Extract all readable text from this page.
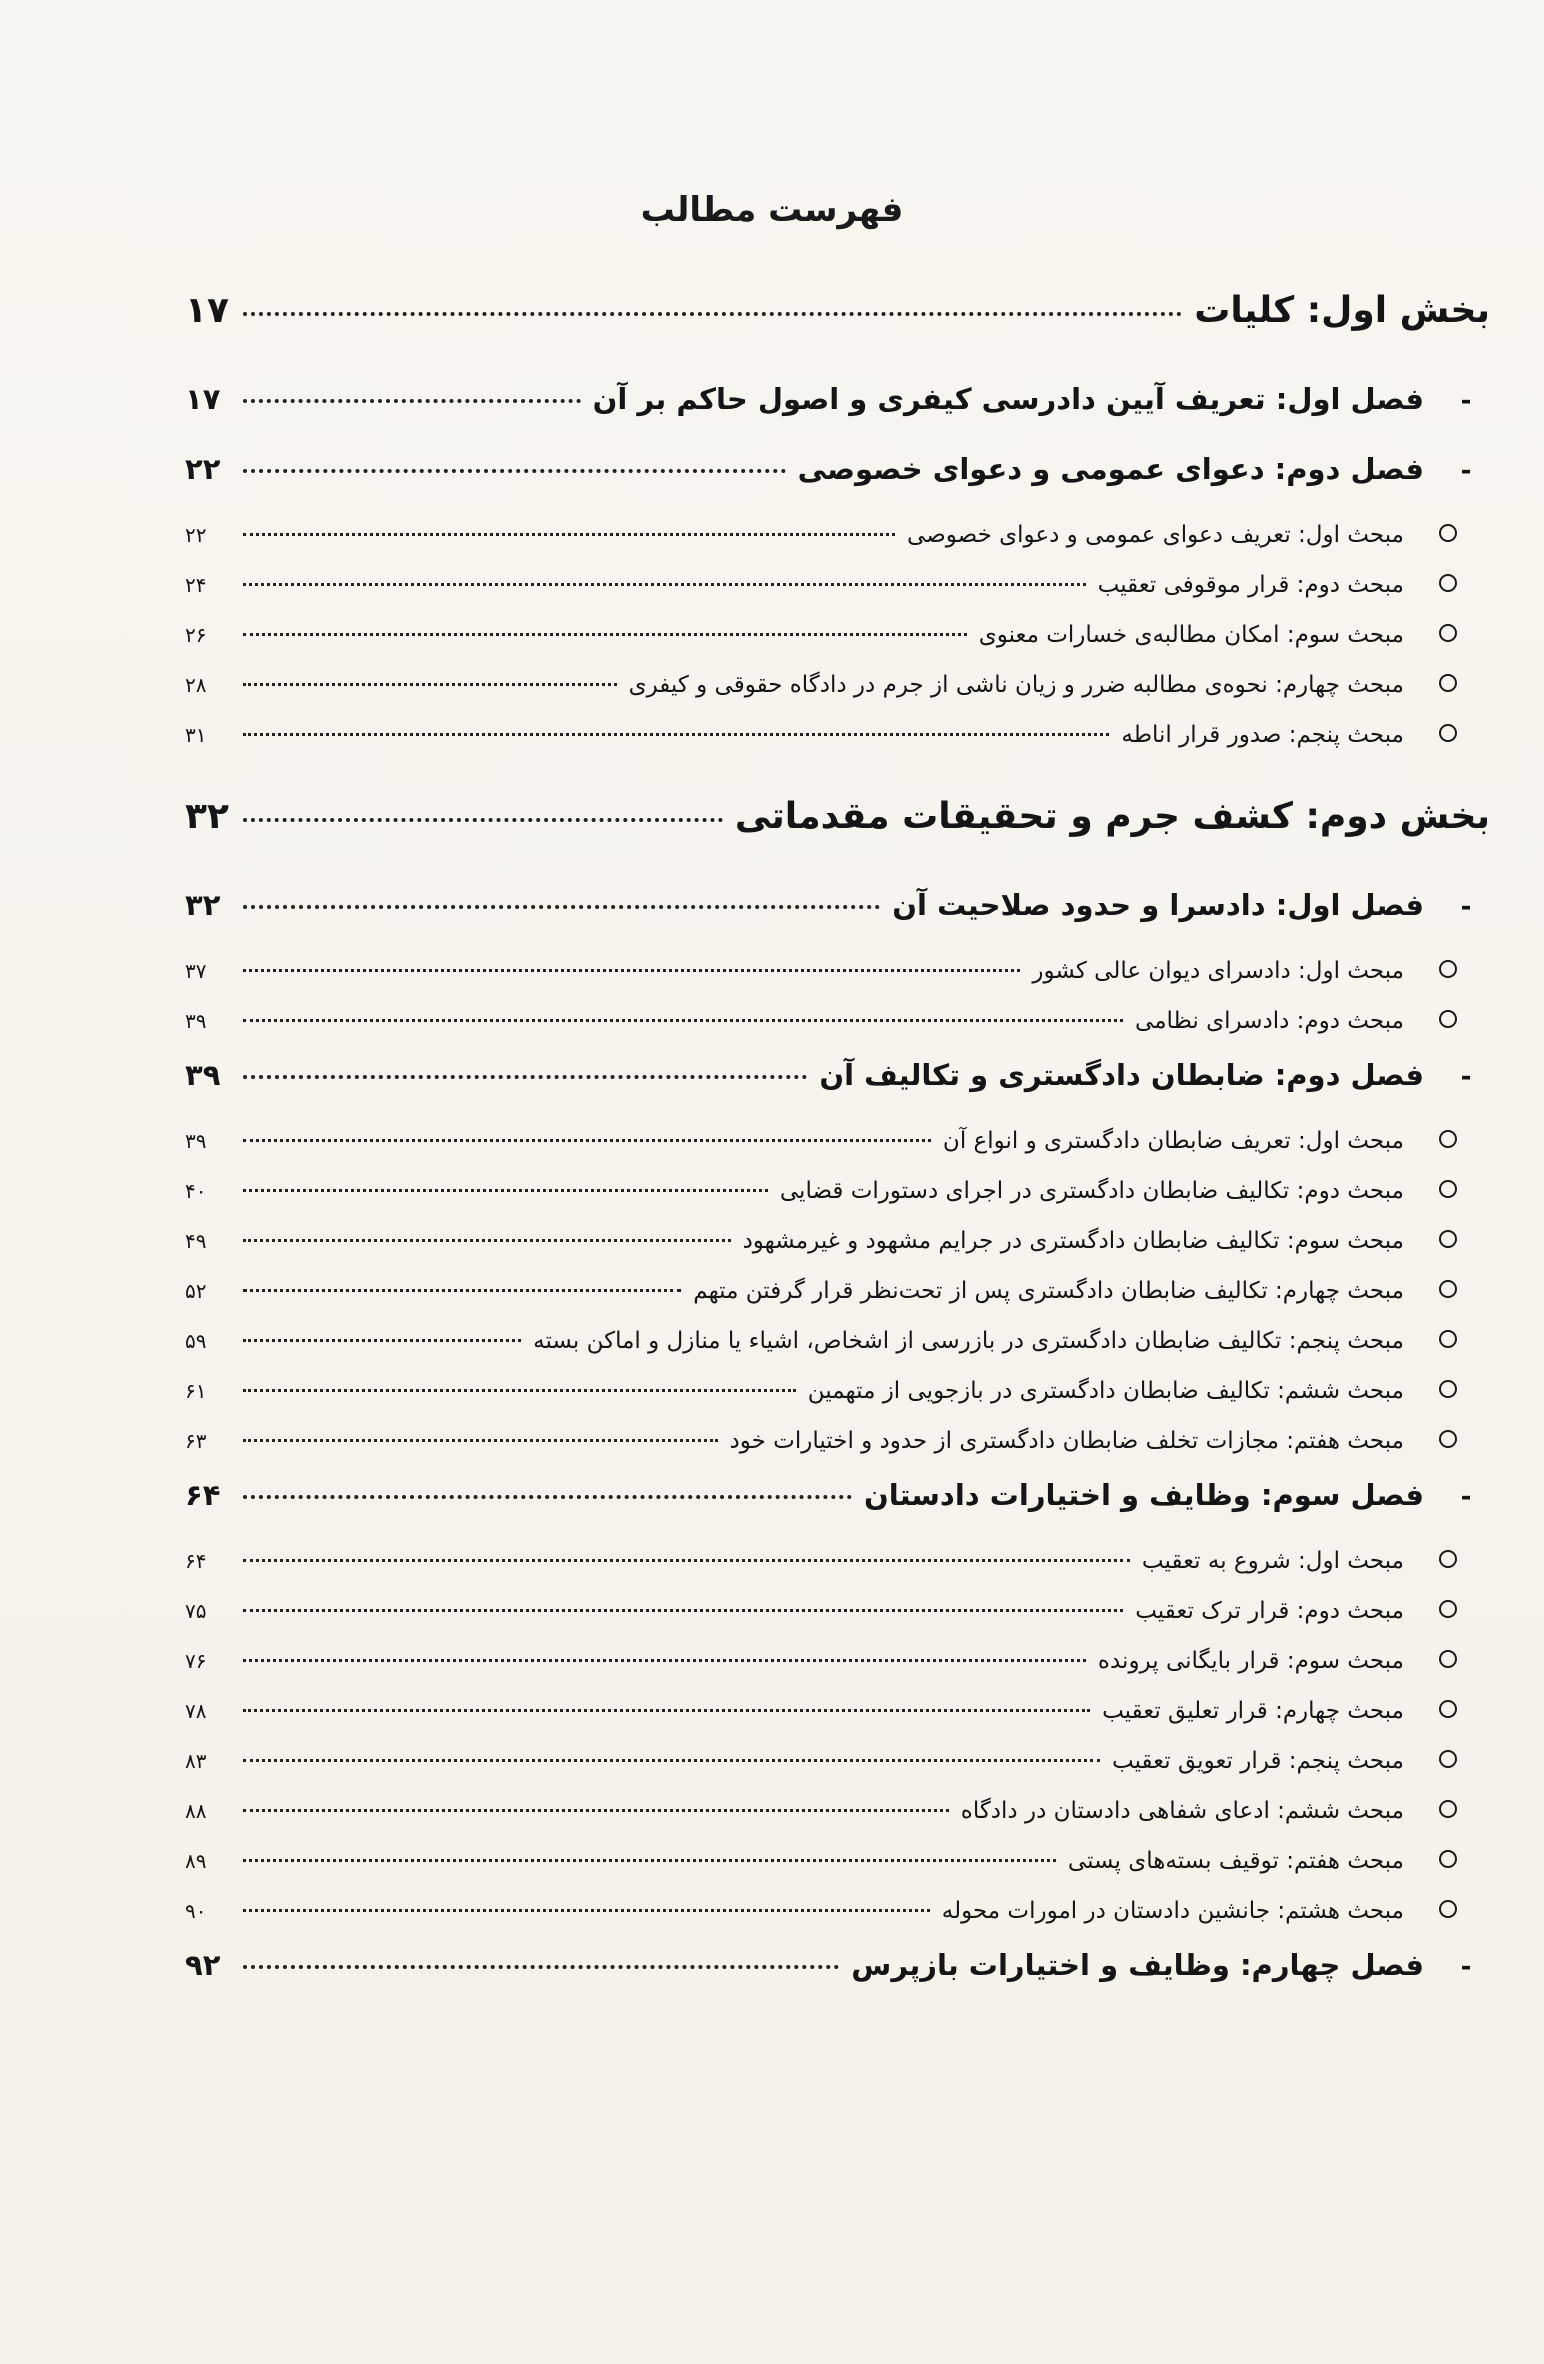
فهرست مطالب
بخش اول: کلیات
۱۷
-
فصل اول: تعریف آیین دادرسی کیفری و اصول حاکم بر آن
۱۷
-
فصل دوم: دعوای عمومی و دعوای خصوصی
۲۲
مبحث اول: تعریف دعوای عمومی و دعوای خصوصی
۲۲
مبحث دوم: قرار موقوفی تعقیب
۲۴
مبحث سوم: امکان مطالبه‌ی خسارات معنوی
۲۶
مبحث چهارم: نحوه‌ی مطالبه ضرر و زیان ناشی از جرم در دادگاه حقوقی و کیفری
۲۸
مبحث پنجم: صدور قرار اناطه
۳۱
بخش دوم: کشف جرم و تحقیقات مقدماتی
۳۲
-
فصل اول: دادسرا و حدود صلاحیت آن
۳۲
مبحث اول: دادسرای دیوان عالی کشور
۳۷
مبحث دوم: دادسرای نظامی
۳۹
-
فصل دوم: ضابطان دادگستری و تکالیف آن
۳۹
مبحث اول: تعریف ضابطان دادگستری و انواع آن
۳۹
مبحث دوم: تکالیف ضابطان دادگستری در اجرای دستورات قضایی
۴۰
مبحث سوم: تکالیف ضابطان دادگستری در جرایم مشهود و غیرمشهود
۴۹
مبحث چهارم: تکالیف ضابطان دادگستری پس از تحت‌نظر قرار گرفتن متهم
۵۲
مبحث پنجم: تکالیف ضابطان دادگستری در بازرسی از اشخاص، اشیاء یا منازل و اماکن بسته
۵۹
مبحث ششم: تکالیف ضابطان دادگستری در بازجویی از متهمین
۶۱
مبحث هفتم: مجازات تخلف ضابطان دادگستری از حدود و اختیارات خود
۶۳
-
فصل سوم: وظایف و اختیارات دادستان
۶۴
مبحث اول: شروع به تعقیب
۶۴
مبحث دوم: قرار ترک تعقیب
۷۵
مبحث سوم: قرار بایگانی پرونده
۷۶
مبحث چهارم: قرار تعلیق تعقیب
۷۸
مبحث پنجم: قرار تعویق تعقیب
۸۳
مبحث ششم: ادعای شفاهی دادستان در دادگاه
۸۸
مبحث هفتم: توقیف بسته‌های پستی
۸۹
مبحث هشتم: جانشین دادستان در امورات محوله
۹۰
-
فصل چهارم: وظایف و اختیارات بازپرس
۹۲
